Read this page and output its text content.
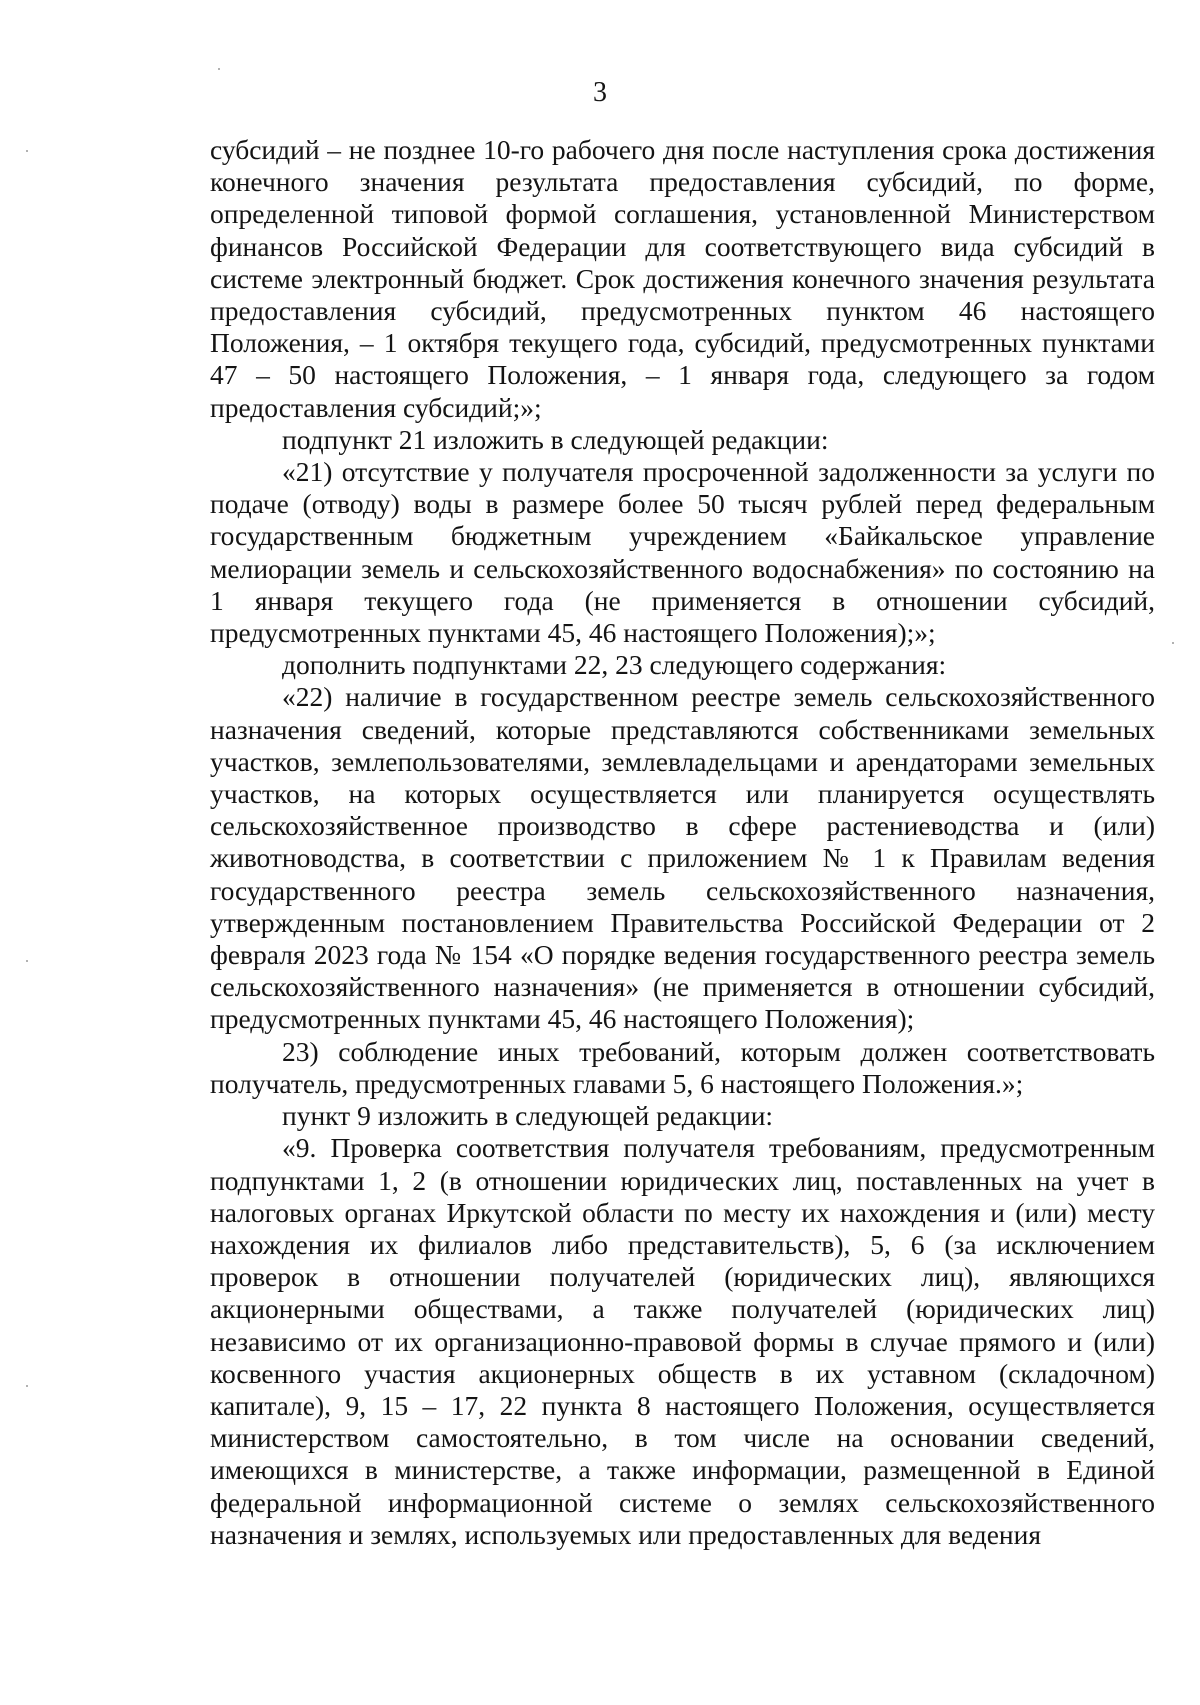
3

субсидий – не позднее 10-го рабочего дня после наступления срока достижения конечного значения результата предоставления субсидий, по форме, определенной типовой формой соглашения, установленной Министерством финансов Российской Федерации для соответствующего вида субсидий в системе электронный бюджет. Срок достижения конечного значения результата предоставления субсидий, предусмотренных пунктом 46 настоящего Положения, – 1 октября текущего года, субсидий, предусмотренных пунктами 47 – 50 настоящего Положения, – 1 января года, следующего за годом предоставления субсидий;»;

подпункт 21 изложить в следующей редакции:

«21) отсутствие у получателя просроченной задолженности за услуги по подаче (отводу) воды в размере более 50 тысяч рублей перед федеральным государственным бюджетным учреждением «Байкальское управление мелиорации земель и сельскохозяйственного водоснабжения» по состоянию на 1 января текущего года (не применяется в отношении субсидий, предусмотренных пунктами 45, 46 настоящего Положения);»;

дополнить подпунктами 22, 23 следующего содержания:

«22) наличие в государственном реестре земель сельскохозяйственного назначения сведений, которые представляются собственниками земельных участков, землепользователями, землевладельцами и арендаторами земельных участков, на которых осуществляется или планируется осуществлять сельскохозяйственное производство в сфере растениеводства и (или) животноводства, в соответствии с приложением № 1 к Правилам ведения государственного реестра земель сельскохозяйственного назначения, утвержденным постановлением Правительства Российской Федерации от 2 февраля 2023 года № 154 «О порядке ведения государственного реестра земель сельскохозяйственного назначения» (не применяется в отношении субсидий, предусмотренных пунктами 45, 46 настоящего Положения);

23) соблюдение иных требований, которым должен соответствовать получатель, предусмотренных главами 5, 6 настоящего Положения.»;

пункт 9 изложить в следующей редакции:

«9. Проверка соответствия получателя требованиям, предусмотренным подпунктами 1, 2 (в отношении юридических лиц, поставленных на учет в налоговых органах Иркутской области по месту их нахождения и (или) месту нахождения их филиалов либо представительств), 5, 6 (за исключением проверок в отношении получателей (юридических лиц), являющихся акционерными обществами, а также получателей (юридических лиц) независимо от их организационно-правовой формы в случае прямого и (или) косвенного участия акционерных обществ в их уставном (складочном) капитале), 9, 15 – 17, 22 пункта 8 настоящего Положения, осуществляется министерством самостоятельно, в том числе на основании сведений, имеющихся в министерстве, а также информации, размещенной в Единой федеральной информационной системе о землях сельскохозяйственного назначения и землях, используемых или предоставленных для ведения
